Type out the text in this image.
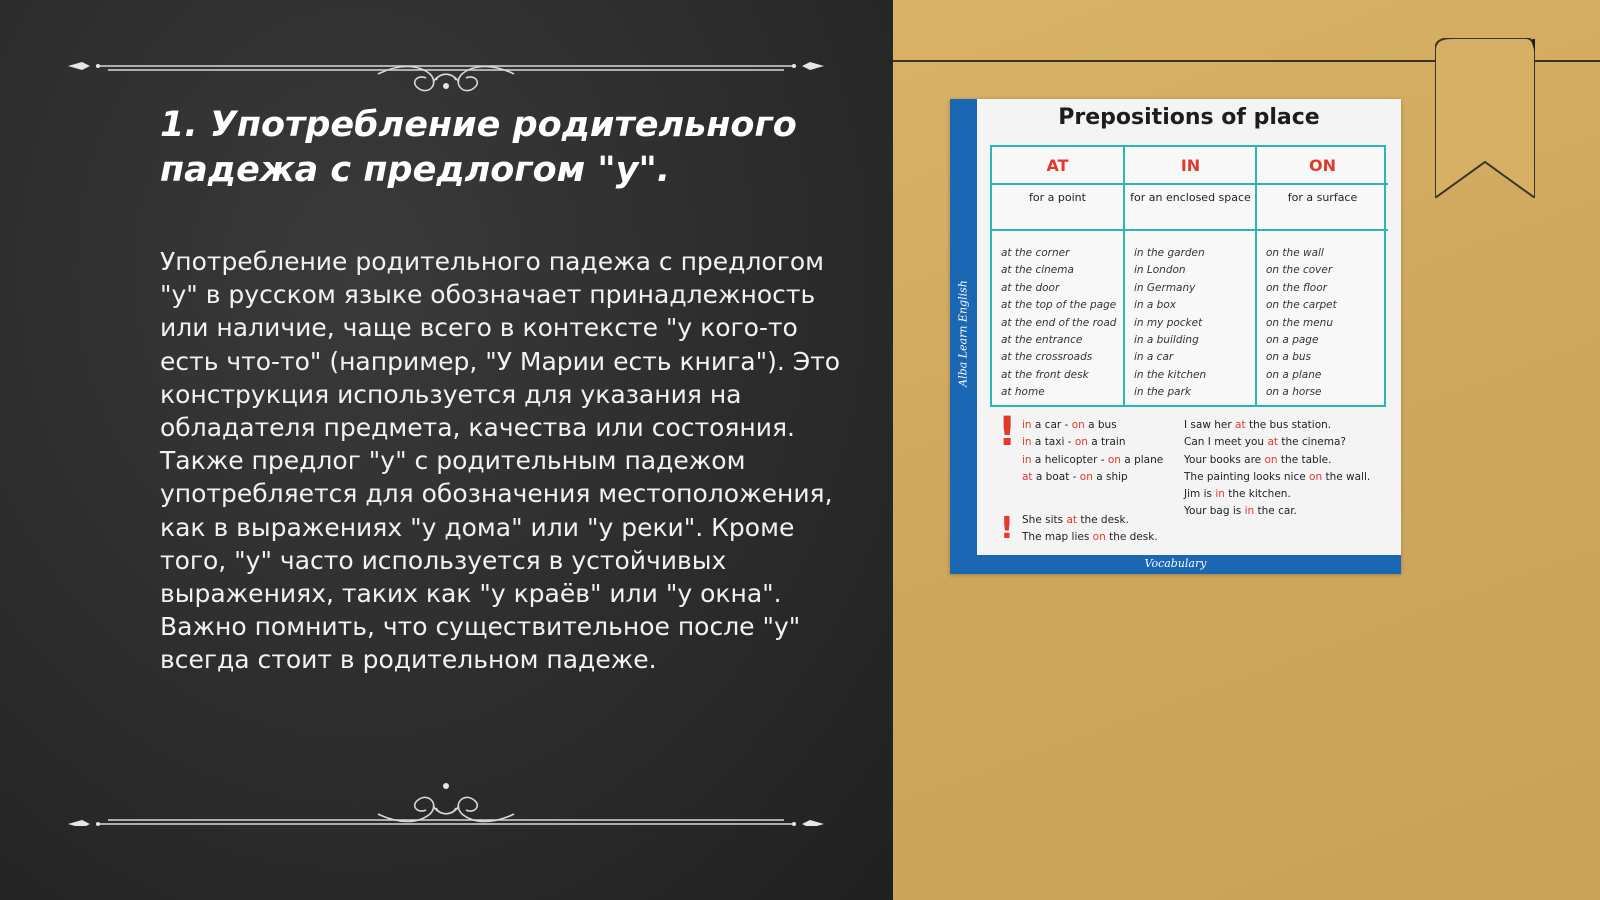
1. Употребление родительного падежа с предлогом "у".

Употребление родительного падежа с предлогом "у" в русском языке обозначает принадлежность или наличие, чаще всего в контексте "у кого-то есть что-то" (например, "У Марии есть книга"). Это конструкция используется для указания на обладателя предмета, качества или состояния. Также предлог "у" с родительным падежом употребляется для обозначения местоположения, как в выражениях "у дома" или "у реки". Кроме того, "у" часто используется в устойчивых выражениях, таких как "у краёв" или "у окна". Важно помнить, что существительное после "у" всегда стоит в родительном падеже.

Alba Learn English
Prepositions of place
AT
for a point
at the corner
at the cinema
at the door
at the top of the page
at the end of the road
at the entrance
at the crossroads
at the front desk
at home
IN
for an enclosed space
in the garden
in London
in Germany
in a box
in my pocket
in a building
in a car
in the kitchen
in the park
ON
for a surface
on the wall
on the cover
on the floor
on the carpet
on the menu
on a page
on a bus
on a plane
on a horse
!
!
in a car - on a bus
in a taxi - on a train
in a helicopter - on a plane
at a boat - on a ship
She sits at the desk.
The map lies on the desk.
I saw her at the bus station.
Can I meet you at the cinema?
Your books are on the table.
The painting looks nice on the wall.
Jim is in the kitchen.
Your bag is in the car.
Vocabulary
